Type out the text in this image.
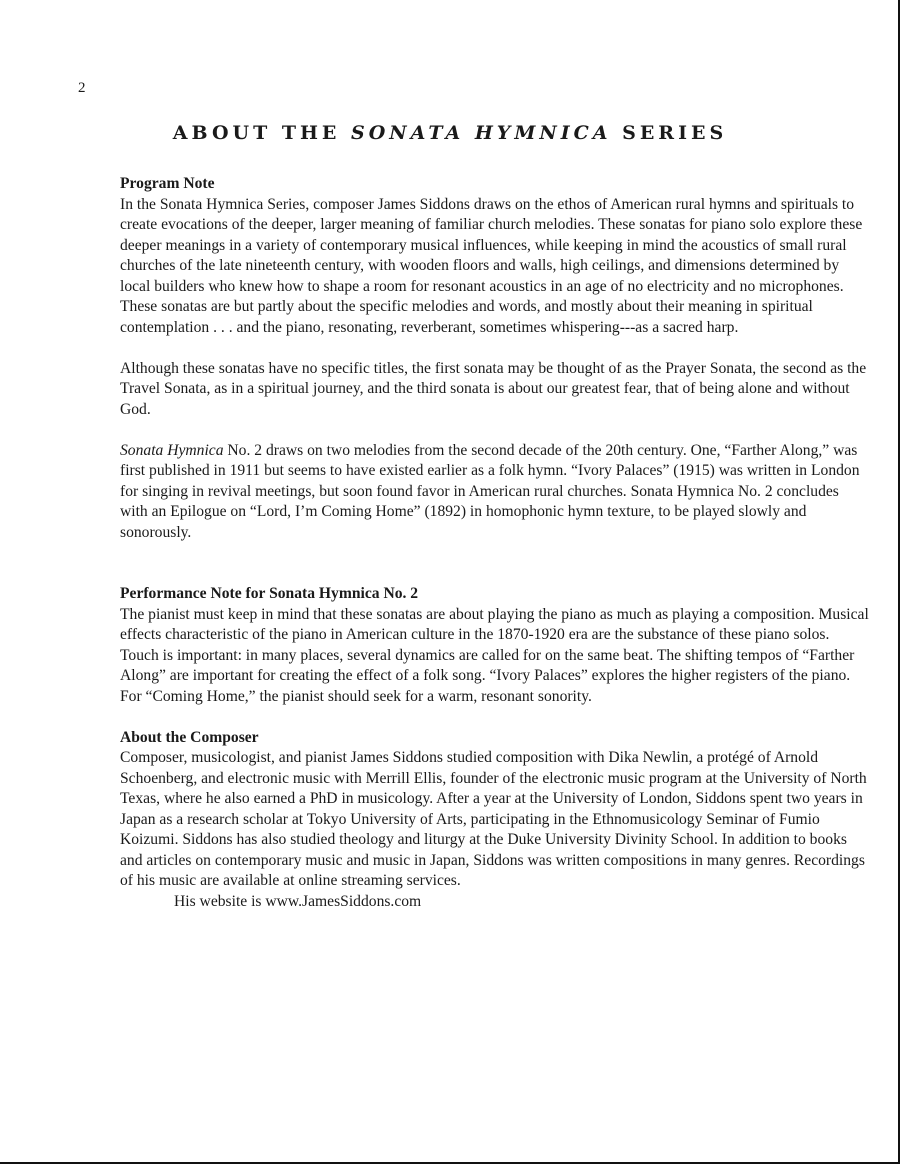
2
ABOUT THE SONATA HYMNICA SERIES

Program Note

In the Sonata Hymnica Series, composer James Siddons draws on the ethos of American rural hymns and spirituals to create evocations of the deeper, larger meaning of familiar church melodies. These sonatas for piano solo explore these deeper meanings in a variety of contemporary musical influences, while keeping in mind the acoustics of small rural churches of the late nineteenth century, with wooden floors and walls, high ceilings, and dimensions determined by local builders who knew how to shape a room for resonant acoustics in an age of no electricity and no microphones. These sonatas are but partly about the specific melodies and words, and mostly about their meaning in spiritual contemplation . . . and the piano, resonating, reverberant, sometimes whispering---as a sacred harp.

Although these sonatas have no specific titles, the first sonata may be thought of as the Prayer Sonata, the second as the Travel Sonata, as in a spiritual journey, and the third sonata is about our greatest fear, that of being alone and without God.

Sonata Hymnica No. 2 draws on two melodies from the second decade of the 20th century. One, “Farther Along,” was first published in 1911 but seems to have existed earlier as a folk hymn. “Ivory Palaces” (1915) was written in London for singing in revival meetings, but soon found favor in American rural churches. Sonata Hymnica No. 2 concludes with an Epilogue on “Lord, I’m Coming Home” (1892) in homophonic hymn texture, to be played slowly and sonorously.

Performance Note for Sonata Hymnica No. 2

The pianist must keep in mind that these sonatas are about playing the piano as much as playing a composition. Musical effects characteristic of the piano in American culture in the 1870-1920 era are the substance of these piano solos. Touch is important: in many places, several dynamics are called for on the same beat. The shifting tempos of “Farther Along” are important for creating the effect of a folk song. “Ivory Palaces” explores the higher registers of the piano. For “Coming Home,” the pianist should seek for a warm, resonant sonority.

About the Composer

Composer, musicologist, and pianist James Siddons studied composition with Dika Newlin, a protégé of Arnold Schoenberg, and electronic music with Merrill Ellis, founder of the electronic music program at the University of North Texas, where he also earned a PhD in musicology. After a year at the University of London, Siddons spent two years in Japan as a research scholar at Tokyo University of Arts, participating in the Ethnomusicology Seminar of Fumio Koizumi. Siddons has also studied theology and liturgy at the Duke University Divinity School. In addition to books and articles on contemporary music and music in Japan, Siddons was written compositions in many genres. Recordings of his music are available at online streaming services.

His website is www.JamesSiddons.com
